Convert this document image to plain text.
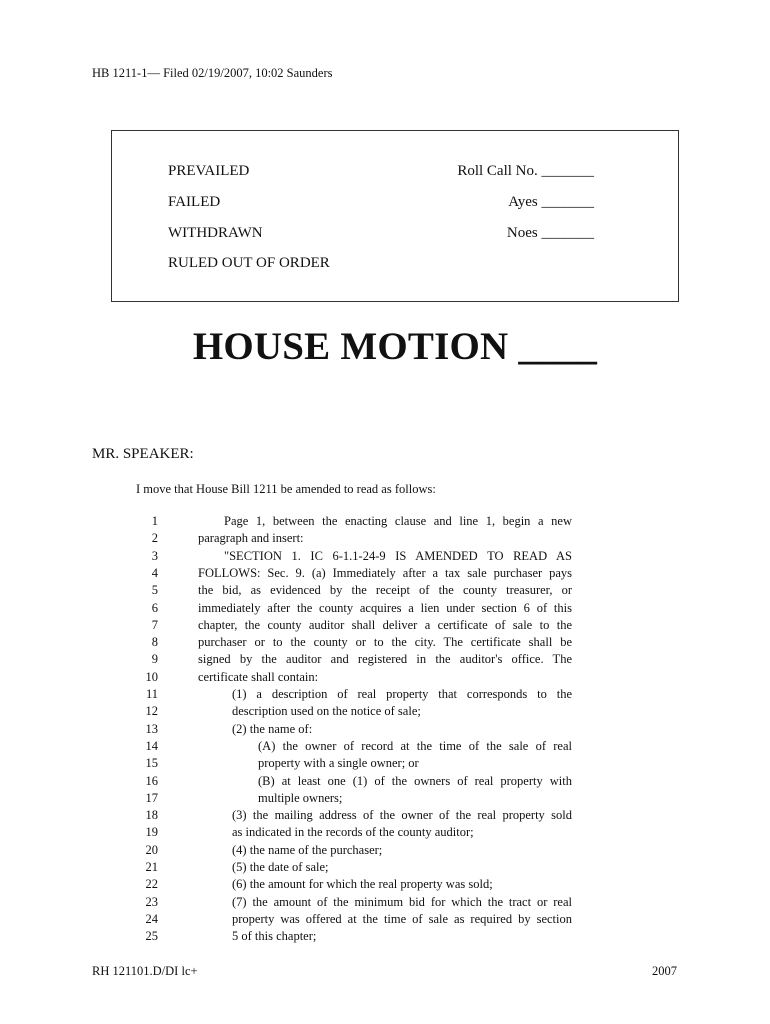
HB 1211-1— Filed 02/19/2007, 10:02 Saunders
PREVAILED
FAILED
WITHDRAWN
RULED OUT OF ORDER
Roll Call No. _______
Ayes _______
Noes _______
HOUSE MOTION ____
MR. SPEAKER:
I move that House Bill 1211 be amended to read as follows:
1	Page 1, between the enacting clause and line 1, begin a new
2	paragraph and insert:
3	"SECTION 1. IC 6-1.1-24-9 IS AMENDED TO READ AS
4	FOLLOWS: Sec. 9. (a) Immediately after a tax sale purchaser pays
5	the bid, as evidenced by the receipt of the county treasurer, or
6	immediately after the county acquires a lien under section 6 of this
7	chapter, the county auditor shall deliver a certificate of sale to the
8	purchaser or to the county or to the city. The certificate shall be
9	signed by the auditor and registered in the auditor's office. The
10	certificate shall contain:
11	(1) a description of real property that corresponds to the
12	description used on the notice of sale;
13	(2) the name of:
14	(A) the owner of record at the time of the sale of real
15	property with a single owner; or
16	(B) at least one (1) of the owners of real property with
17	multiple owners;
18	(3) the mailing address of the owner of the real property sold
19	as indicated in the records of the county auditor;
20	(4) the name of the purchaser;
21	(5) the date of sale;
22	(6) the amount for which the real property was sold;
23	(7) the amount of the minimum bid for which the tract or real
24	property was offered at the time of sale as required by section
25	5 of this chapter;
RH 121101.D/DI lc+	2007
